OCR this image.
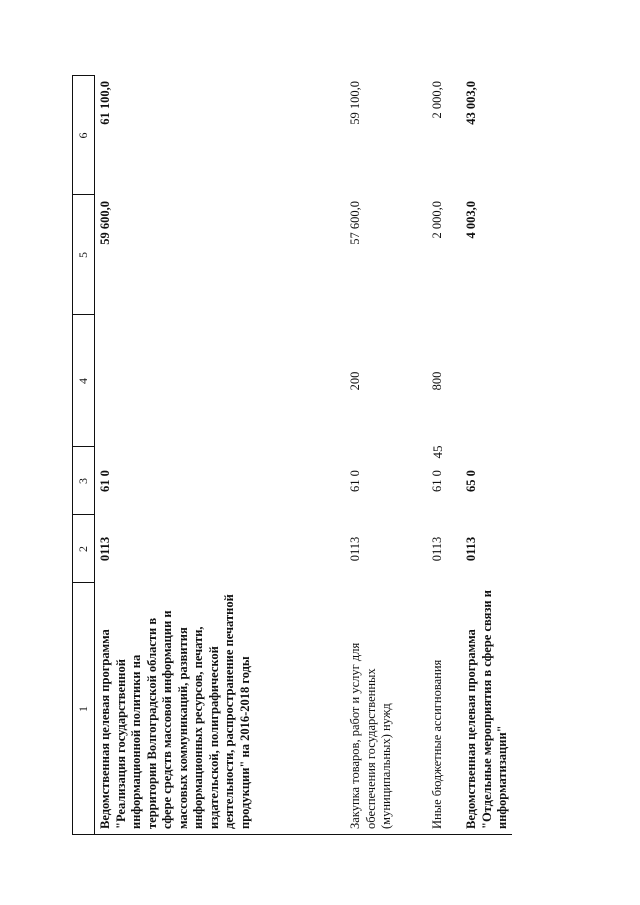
45
1
2
3
4
5
6
Ведомственная целевая программа "Реализация государственной информационной политики на территории Волгоградской области в сфере средств массовой информации и массовых коммуникаций, развития информационных ресурсов, печати, издательской, полиграфической деятельности, распространение печатной продукции" на 2016-2018 годы
0113
61 0
59 600,0
61 100,0
Закупка товаров, работ и услуг для обеспечения государственных (муниципальных) нужд
0113
61 0
200
57 600,0
59 100,0
Иные бюджетные ассигнования
0113
61 0
800
2 000,0
2 000,0
Ведомственная целевая программа "Отдельные мероприятия в сфере связи и информатизации"
0113
65 0
4 003,0
43 003,0
